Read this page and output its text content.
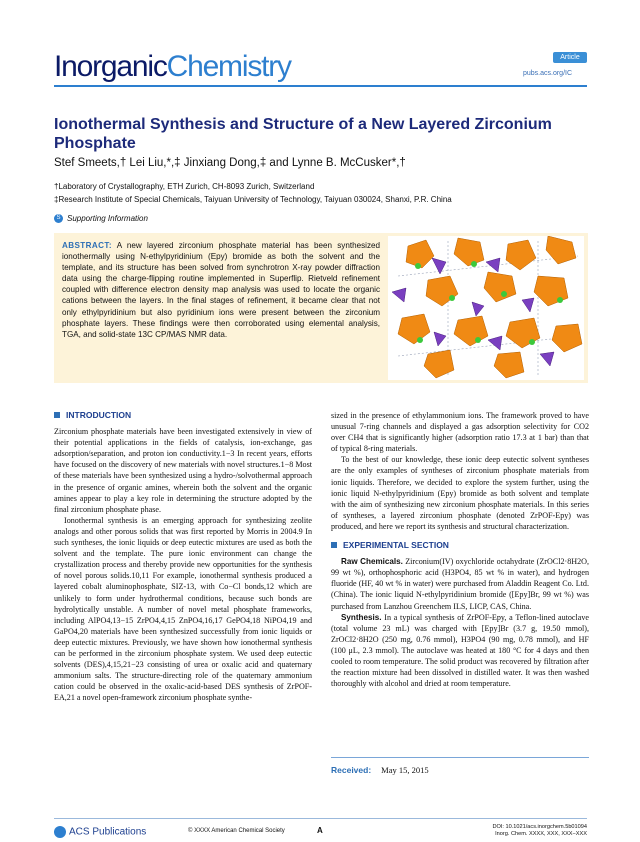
InorganicChemistry	Article
pubs.acs.org/IC
Ionothermal Synthesis and Structure of a New Layered Zirconium Phosphate
Stef Smeets,† Lei Liu,*,‡ Jinxiang Dong,‡ and Lynne B. McCusker*,†
†Laboratory of Crystallography, ETH Zurich, CH-8093 Zurich, Switzerland
‡Research Institute of Special Chemicals, Taiyuan University of Technology, Taiyuan 030024, Shanxi, P.R. China
S Supporting Information
ABSTRACT: A new layered zirconium phosphate material has been synthesized ionothermally using N-ethylpyridinium (Epy) bromide as both the solvent and the template, and its structure has been solved from synchrotron X-ray powder diffraction data using the charge-flipping routine implemented in Superflip. Rietveld refinement coupled with difference electron density map analysis was used to locate the organic cations between the layers. In the final stages of refinement, it became clear that not only ethylpyridinium but also pyridinium ions were present between the zirconium phosphate layers. These findings were then corroborated using elemental analysis, TGA, and solid-state 13C CP/MAS NMR data.
INTRODUCTION

Zirconium phosphate materials have been investigated extensively in view of their potential applications in the fields of catalysis, ion-exchange, gas adsorption/separation, and proton ion conductivity.1−3 In recent years, efforts have focused on the discovery of new materials with novel structures.1−8 Most of these materials have been synthesized using a hydro-/solvothermal approach in the presence of organic amines, wherein both the solvent and the organic amines appear to play a key role in determining the structure adopted by the final zirconium phosphate phase.

Ionothermal synthesis is an emerging approach for synthesizing zeolite analogs and other porous solids that was first reported by Morris in 2004.9 In such syntheses, the ionic liquids or deep eutectic mixtures are used as both the solvent and the template. The pure ionic environment can change the crystallization process and thereby provide new opportunities for the synthesis of novel porous solids.10,11 For example, ionothermal synthesis produced a layered cobalt aluminophosphate, SIZ-13, with Co−Cl bonds,12 which are unlikely to form under hydrothermal conditions, because such bonds are hydrolytically unstable. A number of novel metal phosphate frameworks, including AlPO4,13−15 ZrPO4,4,15 ZnPO4,16,17 GePO4,18 NiPO4,19 and GaPO4,20 materials have been synthesized successfully from ionic liquids or deep eutectic mixtures. Previously, we have shown how ionothermal synthesis can be performed in the zirconium phosphate system. We used deep eutectic solvents (DES),4,15,21−23 consisting of urea or oxalic acid and quaternary ammonium salts. The structure-directing role of the quaternary ammonium cation could be observed in the oxalic-acid-based DES synthesis of ZrPOF-EA,21 a novel open-framework zirconium phosphate synthe-

sized in the presence of ethylammonium ions. The framework proved to have unusual 7-ring channels and displayed a gas adsorption selectivity for CO2 over CH4 that is significantly higher (adsorption ratio 17.3 at 1 bar) than that of typical 8-ring materials.

To the best of our knowledge, these ionic deep eutectic solvent syntheses are the only examples of syntheses of zirconium phosphate materials from ionic liquids. Therefore, we decided to explore the system further, using the ionic liquid N-ethylpyridinium (Epy) bromide as both solvent and template with the aim of synthesizing new zirconium phosphate materials. In this series of syntheses, a layered zirconium phosphate (denoted ZrPOF-Epy) was produced, and here we report its synthesis and structural characterization.

EXPERIMENTAL SECTION

Raw Chemicals. Zirconium(IV) oxychloride octahydrate (ZrOCl2·8H2O, 99 wt %), orthophosphoric acid (H3PO4, 85 wt % in water), and hydrogen fluoride (HF, 40 wt % in water) were purchased from Aladdin Reagent Co. Ltd. (China). The ionic liquid N-ethylpyridinium bromide ([Epy]Br, 99 wt %) was purchased from Lanzhou Greenchem ILS, LICP, CAS, China.

Synthesis. In a typical synthesis of ZrPOF-Epy, a Teflon-lined autoclave (total volume 23 mL) was charged with [Epy]Br (3.7 g, 19.50 mmol), ZrOCl2·8H2O (250 mg, 0.76 mmol), H3PO4 (90 mg, 0.78 mmol), and HF (100 μL, 2.3 mmol). The autoclave was heated at 180 °C for 4 days and then cooled to room temperature. The solid product was recovered by filtration after the reaction mixture had been dissolved in distilled water. It was then washed thoroughly with alcohol and dried at room temperature.

Received: May 15, 2015
ACS Publications	© XXXX American Chemical Society	A	DOI: 10.1021/acs.inorgchem.5b01094
Inorg. Chem. XXXX, XXX, XXX−XXX
